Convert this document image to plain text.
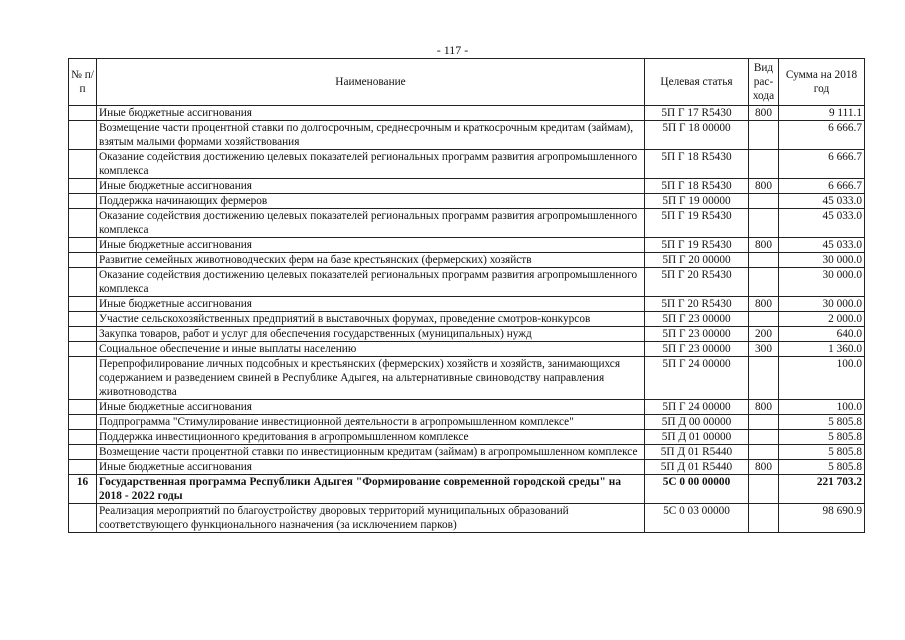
- 117 -
№ п/п	Наименование	Целевая статья	Вид рас-хода	Сумма на 2018 год
	Иные бюджетные ассигнования	5П Г 17 R5430	800	9 111.1
	Возмещение части процентной ставки по долгосрочным, среднесрочным и краткосрочным кредитам (займам), взятым малыми формами хозяйствования	5П Г 18 00000		6 666.7
	Оказание содействия достижению целевых показателей региональных программ развития агропромышленного комплекса	5П Г 18 R5430		6 666.7
	Иные бюджетные ассигнования	5П Г 18 R5430	800	6 666.7
	Поддержка начинающих фермеров	5П Г 19 00000		45 033.0
	Оказание содействия достижению целевых показателей региональных программ развития агропромышленного комплекса	5П Г 19 R5430		45 033.0
	Иные бюджетные ассигнования	5П Г 19 R5430	800	45 033.0
	Развитие семейных животноводческих ферм на базе крестьянских (фермерских) хозяйств	5П Г 20 00000		30 000.0
	Оказание содействия достижению целевых показателей региональных программ развития агропромышленного комплекса	5П Г 20 R5430		30 000.0
	Иные бюджетные ассигнования	5П Г 20 R5430	800	30 000.0
	Участие сельскохозяйственных предприятий в выставочных форумах, проведение смотров-конкурсов	5П Г 23 00000		2 000.0
	Закупка товаров, работ и услуг для обеспечения государственных (муниципальных) нужд	5П Г 23 00000	200	640.0
	Социальное обеспечение и иные выплаты населению	5П Г 23 00000	300	1 360.0
	Перепрофилирование личных подсобных и крестьянских (фермерских) хозяйств и хозяйств, занимающихся содержанием и разведением свиней в Республике Адыгея, на альтернативные свиноводству направления животноводства	5П Г 24 00000		100.0
	Иные бюджетные ассигнования	5П Г 24 00000	800	100.0
	Подпрограмма "Стимулирование инвестиционной деятельности в агропромышленном комплексе"	5П Д 00 00000		5 805.8
	Поддержка инвестиционного кредитования в агропромышленном комплексе	5П Д 01 00000		5 805.8
	Возмещение части процентной ставки по инвестиционным кредитам (займам) в агропромышленном комплексе	5П Д 01 R5440		5 805.8
	Иные бюджетные ассигнования	5П Д 01 R5440	800	5 805.8
16	Государственная программа Республики Адыгея "Формирование современной городской среды" на 2018 - 2022 годы	5С 0 00 00000		221 703.2
	Реализация мероприятий по благоустройству дворовых территорий муниципальных образований соответствующего функционального назначения (за исключением парков)	5С 0 03 00000		98 690.9
